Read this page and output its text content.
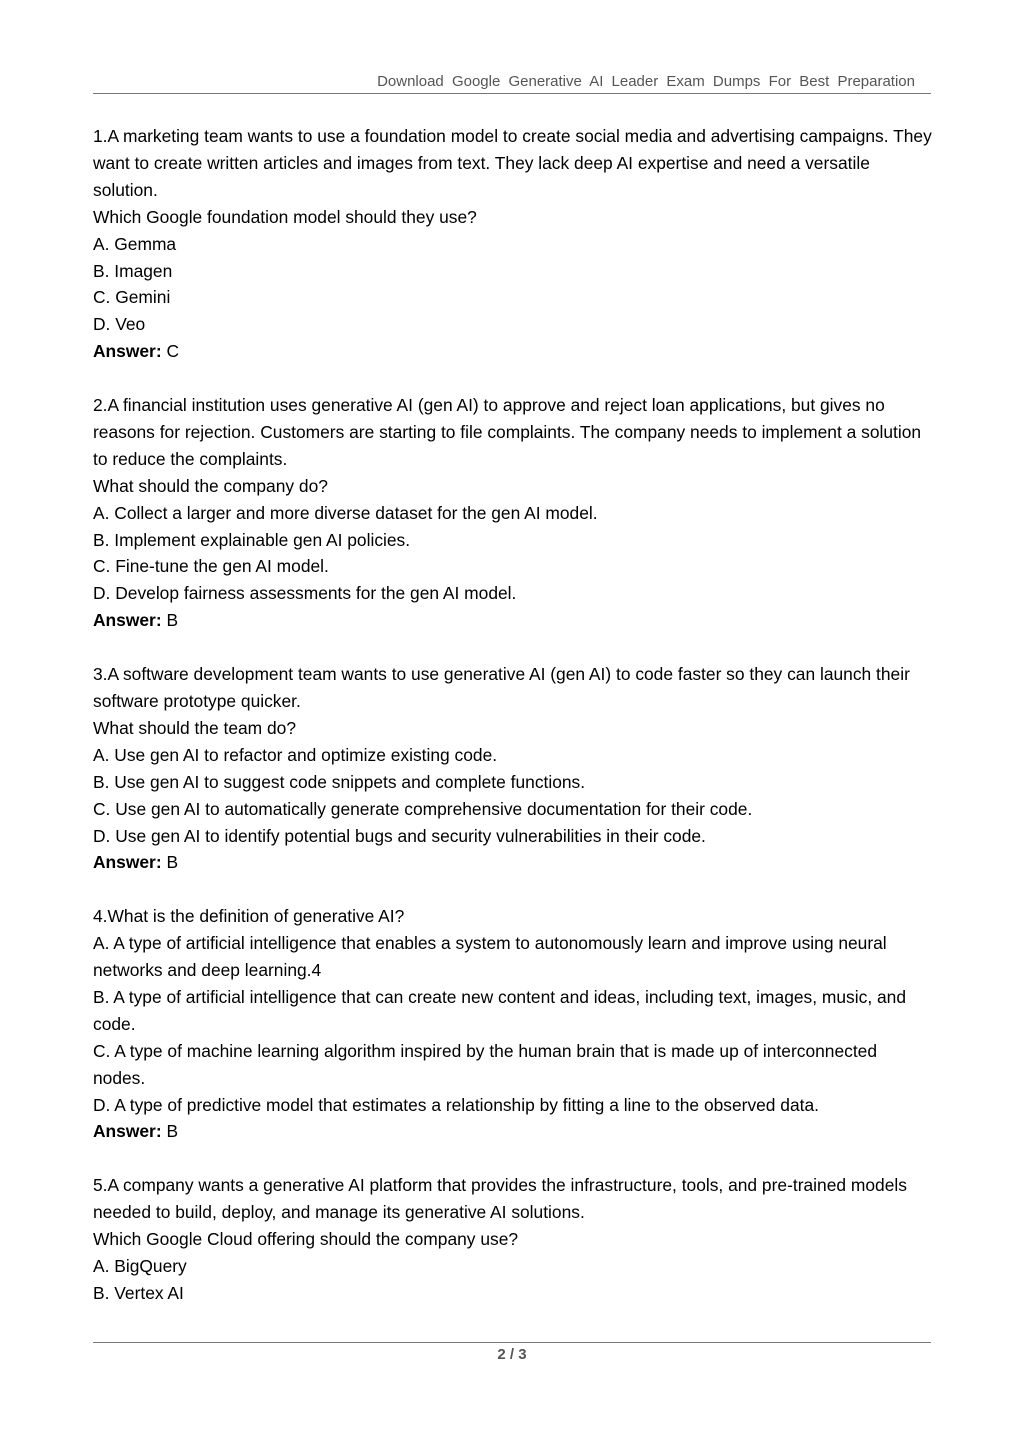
Download Google Generative AI Leader Exam Dumps For Best Preparation
1.A marketing team wants to use a foundation model to create social media and advertising campaigns. They want to create written articles and images from text. They lack deep AI expertise and need a versatile solution.
Which Google foundation model should they use?
A. Gemma
B. Imagen
C. Gemini
D. Veo
Answer: C
2.A financial institution uses generative AI (gen AI) to approve and reject loan applications, but gives no reasons for rejection. Customers are starting to file complaints. The company needs to implement a solution to reduce the complaints.
What should the company do?
A. Collect a larger and more diverse dataset for the gen AI model.
B. Implement explainable gen AI policies.
C. Fine-tune the gen AI model.
D. Develop fairness assessments for the gen AI model.
Answer: B
3.A software development team wants to use generative AI (gen AI) to code faster so they can launch their software prototype quicker.
What should the team do?
A. Use gen AI to refactor and optimize existing code.
B. Use gen AI to suggest code snippets and complete functions.
C. Use gen AI to automatically generate comprehensive documentation for their code.
D. Use gen AI to identify potential bugs and security vulnerabilities in their code.
Answer: B
4.What is the definition of generative AI?
A. A type of artificial intelligence that enables a system to autonomously learn and improve using neural networks and deep learning.4
B. A type of artificial intelligence that can create new content and ideas, including text, images, music, and code.
C. A type of machine learning algorithm inspired by the human brain that is made up of interconnected nodes.
D. A type of predictive model that estimates a relationship by fitting a line to the observed data.
Answer: B
5.A company wants a generative AI platform that provides the infrastructure, tools, and pre-trained models needed to build, deploy, and manage its generative AI solutions.
Which Google Cloud offering should the company use?
A. BigQuery
B. Vertex AI
2 / 3
